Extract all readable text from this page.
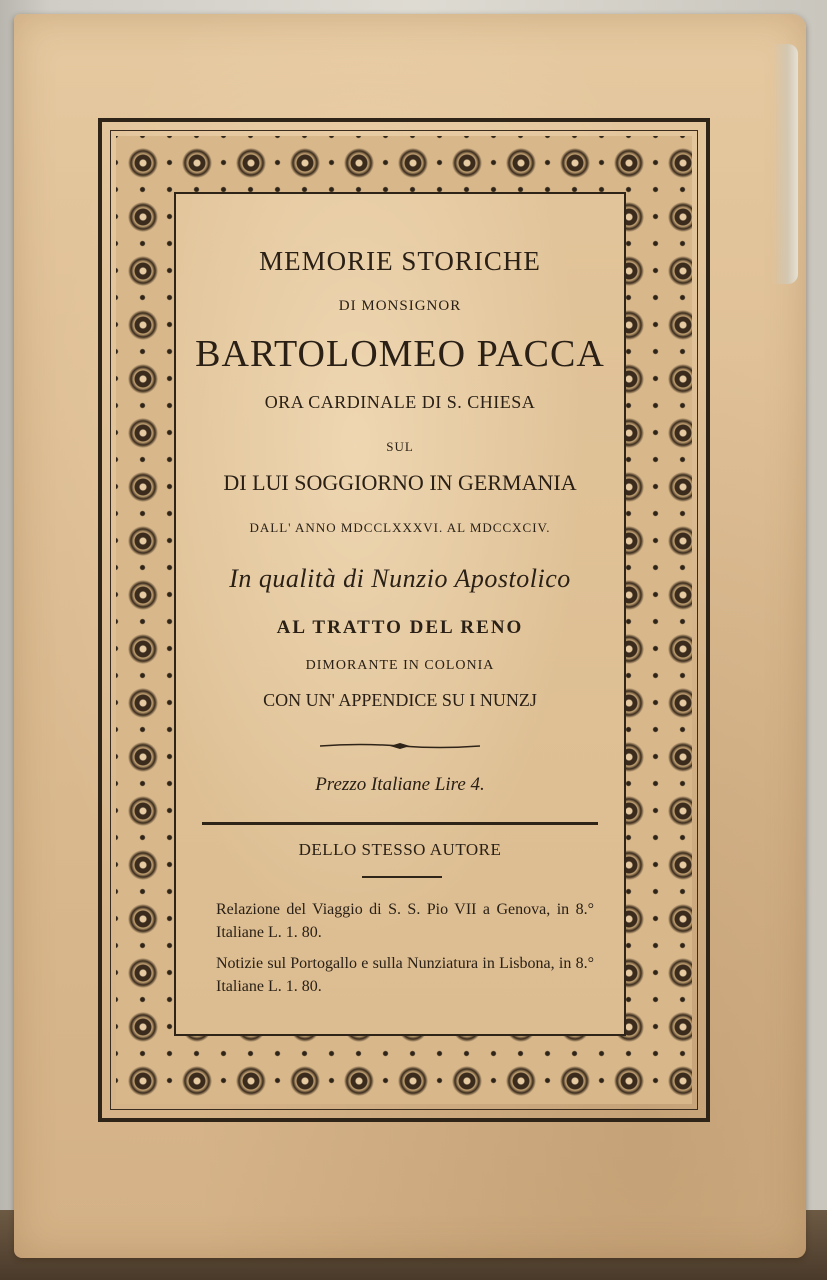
MEMORIE STORICHE
DI MONSIGNOR
BARTOLOMEO PACCA
ORA CARDINALE DI S. CHIESA
SUL
DI LUI SOGGIORNO IN GERMANIA
DALL' ANNO MDCCLXXXVI. AL MDCCXCIV.
In qualità di Nunzio Apostolico
AL TRATTO DEL RENO
DIMORANTE IN COLONIA
CON UN' APPENDICE SU I NUNZJ
Prezzo Italiane Lire 4.
DELLO STESSO AUTORE
Relazione del Viaggio di S. S. Pio VII a Genova, in 8.° Italiane L. 1. 80.
Notizie sul Portogallo e sulla Nunziatura in Lisbona, in 8.° Italiane L. 1. 80.
